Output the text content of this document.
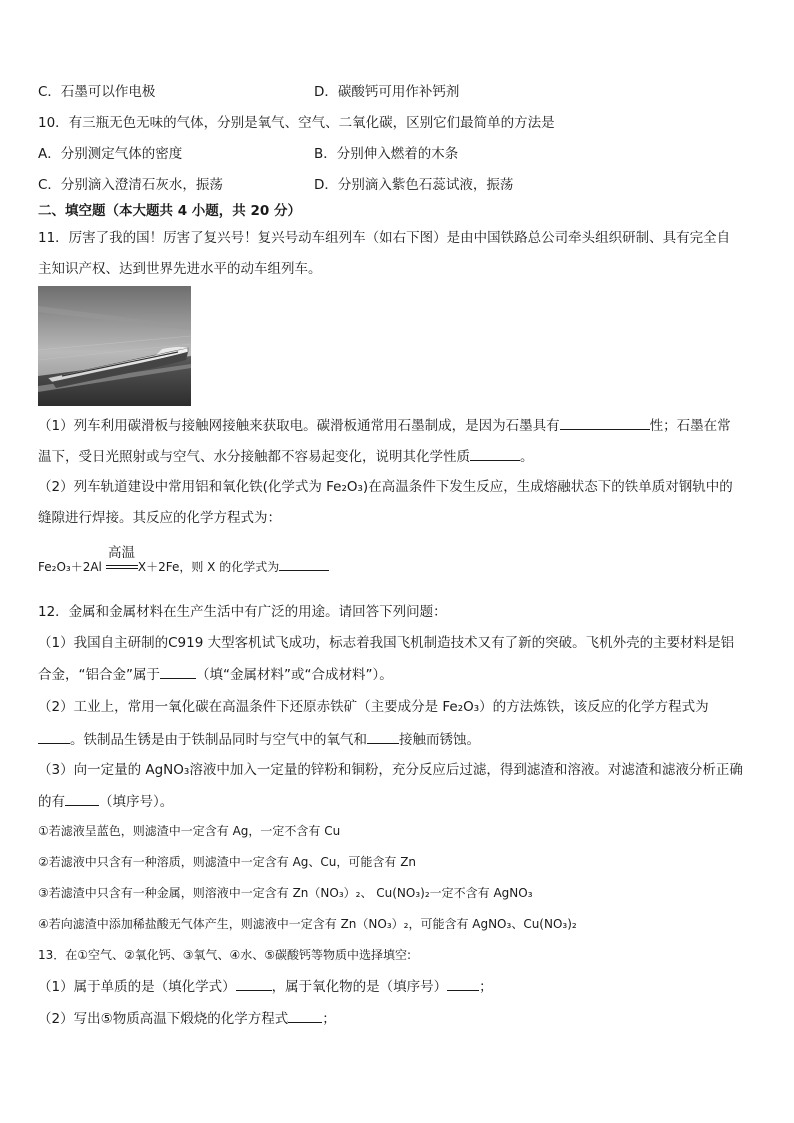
C．石墨可以作电极	D．碳酸钙可用作补钙剂
10．有三瓶无色无味的气体，分别是氧气、空气、二氧化碳，区别它们最简单的方法是
A．分别测定气体的密度	B．分别伸入燃着的木条
C．分别滴入澄清石灰水，振荡	D．分别滴入紫色石蕊试液，振荡
二、填空题（本大题共 4 小题，共 20 分）
11．厉害了我的国！厉害了复兴号！复兴号动车组列车（如右下图）是由中国铁路总公司牵头组织研制、具有完全自
主知识产权、达到世界先进水平的动车组列车。
（1）列车利用碳滑板与接触网接触来获取电。碳滑板通常用石墨制成，是因为石墨具有	性；石墨在常
温下，受日光照射或与空气、水分接触都不容易起变化，说明其化学性质	。
（2）列车轨道建设中常用铝和氧化铁(化学式为 Fe₂O₃)在高温条件下发生反应，生成熔融状态下的铁单质对钢轨中的
缝隙进行焊接。其反应的化学方程式为：
高温
Fe₂O₃＋2Al	X＋2Fe，则 X 的化学式为
12．金属和金属材料在生产生活中有广泛的用途。请回答下列问题：
（1）我国自主研制的C919 大型客机试飞成功，标志着我国飞机制造技术又有了新的突破。飞机外壳的主要材料是铝
合金，“铝合金”属于	（填“金属材料”或“合成材料”）。
（2）工业上，常用一氧化碳在高温条件下还原赤铁矿（主要成分是 Fe₂O₃）的方法炼铁，该反应的化学方程式为
。铁制品生锈是由于铁制品同时与空气中的氧气和 接触而锈蚀。
（3）向一定量的 AgNO₃溶液中加入一定量的锌粉和铜粉，充分反应后过滤，得到滤渣和溶液。对滤渣和滤液分析正确
的有	（填序号）。
①若滤液呈蓝色，则滤渣中一定含有 Ag，一定不含有 Cu
②若滤液中只含有一种溶质，则滤渣中一定含有 Ag、Cu，可能含有 Zn
③若滤渣中只含有一种金属，则溶液中一定含有 Zn（NO₃）₂、 Cu(NO₃)₂一定不含有 AgNO₃
④若向滤渣中添加稀盐酸无气体产生，则滤液中一定含有 Zn（NO₃）₂，可能含有 AgNO₃、Cu(NO₃)₂
13．在①空气、②氧化钙、③氧气、④水、⑤碳酸钙等物质中选择填空:
（1）属于单质的是（填化学式）	，属于氧化物的是（填序号） ；
（2）写出⑤物质高温下煅烧的化学方程式	；
